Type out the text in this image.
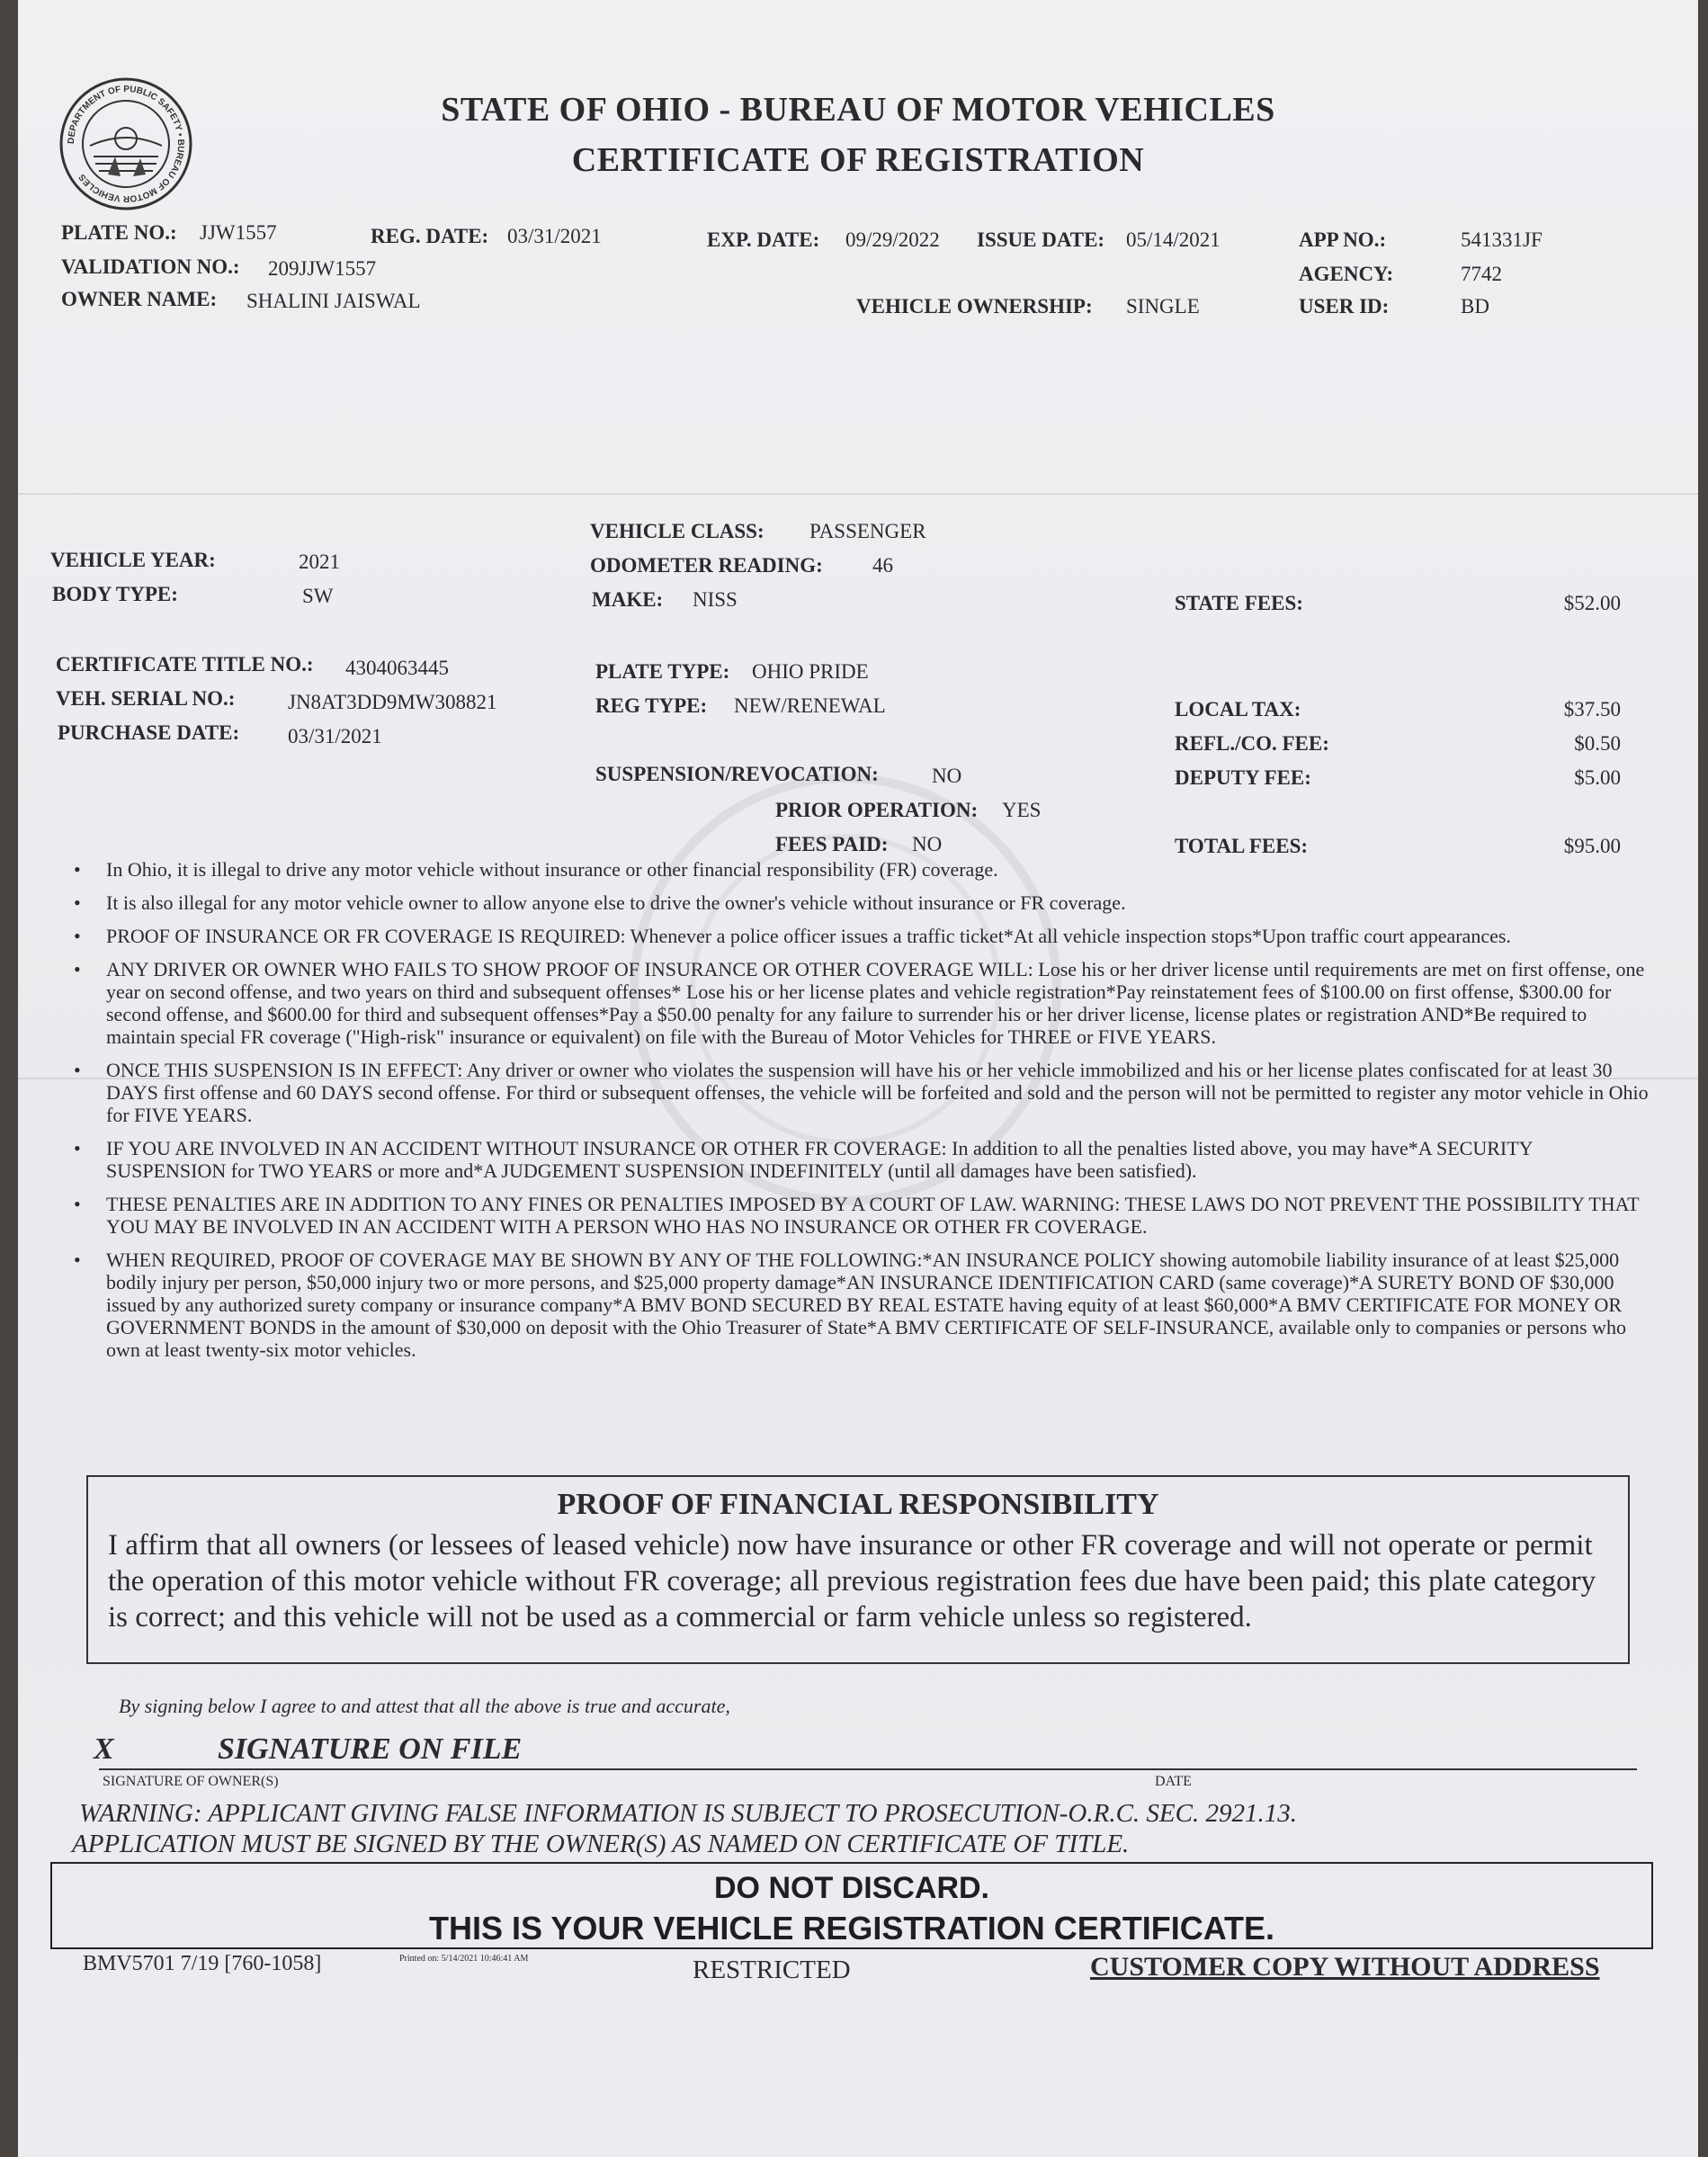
DEPARTMENT OF PUBLIC SAFETY • BUREAU OF MOTOR VEHICLES
STATE OF OHIO - BUREAU OF MOTOR VEHICLES
CERTIFICATE OF REGISTRATION
PLATE NO.: JJW1557	REG. DATE: 03/31/2021	EXP. DATE: 09/29/2022 ISSUE DATE: 05/14/2021	APP NO.:	541331JF
VALIDATION NO.: 209JJW1557	AGENCY:	7742
OWNER NAME: SHALINI JAISWAL	VEHICLE OWNERSHIP: SINGLE	USER ID:	BD
VEHICLE CLASS: PASSENGER
VEHICLE YEAR:	2021	ODOMETER READING: 46
BODY TYPE:	SW	MAKE: NISS	STATE FEES:	$52.00
CERTIFICATE TITLE NO.: 4304063445	PLATE TYPE: OHIO PRIDE
VEH. SERIAL NO.:	JN8AT3DD9MW308821	REG TYPE: NEW/RENEWAL	LOCAL TAX:	$37.50
PURCHASE DATE: 03/31/2021	REFL./CO. FEE:	$0.50
SUSPENSION/REVOCATION:	NO	DEPUTY FEE:	$5.00
PRIOR OPERATION: YES
FEES PAID: NO	TOTAL FEES:	$95.00
• In Ohio, it is illegal to drive any motor vehicle without insurance or other financial responsibility (FR) coverage.
• It is also illegal for any motor vehicle owner to allow anyone else to drive the owner's vehicle without insurance or FR coverage.
• PROOF OF INSURANCE OR FR COVERAGE IS REQUIRED: Whenever a police officer issues a traffic ticket*At all vehicle inspection stops*Upon traffic court appearances.
• ANY DRIVER OR OWNER WHO FAILS TO SHOW PROOF OF INSURANCE OR OTHER COVERAGE WILL: Lose his or her driver license until requirements are met on first offense, one year on second offense, and two years on third and subsequent offenses* Lose his or her license plates and vehicle registration*Pay reinstatement fees of $100.00 on first offense, $300.00 for second offense, and $600.00 for third and subsequent offenses*Pay a $50.00 penalty for any failure to surrender his or her driver license, license plates or registration AND*Be required to maintain special FR coverage ("High-risk" insurance or equivalent) on file with the Bureau of Motor Vehicles for THREE or FIVE YEARS.
• ONCE THIS SUSPENSION IS IN EFFECT: Any driver or owner who violates the suspension will have his or her vehicle immobilized and his or her license plates confiscated for at least 30 DAYS first offense and 60 DAYS second offense. For third or subsequent offenses, the vehicle will be forfeited and sold and the person will not be permitted to register any motor vehicle in Ohio for FIVE YEARS.
• IF YOU ARE INVOLVED IN AN ACCIDENT WITHOUT INSURANCE OR OTHER FR COVERAGE: In addition to all the penalties listed above, you may have*A SECURITY SUSPENSION for TWO YEARS or more and*A JUDGEMENT SUSPENSION INDEFINITELY (until all damages have been satisfied).
• THESE PENALTIES ARE IN ADDITION TO ANY FINES OR PENALTIES IMPOSED BY A COURT OF LAW. WARNING: THESE LAWS DO NOT PREVENT THE POSSIBILITY THAT YOU MAY BE INVOLVED IN AN ACCIDENT WITH A PERSON WHO HAS NO INSURANCE OR OTHER FR COVERAGE.
• WHEN REQUIRED, PROOF OF COVERAGE MAY BE SHOWN BY ANY OF THE FOLLOWING:*AN INSURANCE POLICY showing automobile liability insurance of at least $25,000 bodily injury per person, $50,000 injury two or more persons, and $25,000 property damage*AN INSURANCE IDENTIFICATION CARD (same coverage)*A SURETY BOND OF $30,000 issued by any authorized surety company or insurance company*A BMV BOND SECURED BY REAL ESTATE having equity of at least $60,000*A BMV CERTIFICATE FOR MONEY OR GOVERNMENT BONDS in the amount of $30,000 on deposit with the Ohio Treasurer of State*A BMV CERTIFICATE OF SELF-INSURANCE, available only to companies or persons who own at least twenty-six motor vehicles.
PROOF OF FINANCIAL RESPONSIBILITY
I affirm that all owners (or lessees of leased vehicle) now have insurance or other FR coverage and will not operate or permit the operation of this motor vehicle without FR coverage; all previous registration fees due have been paid; this plate category is correct; and this vehicle will not be used as a commercial or farm vehicle unless so registered.
By signing below I agree to and attest that all the above is true and accurate,
X	SIGNATURE ON FILE
SIGNATURE OF OWNER(S)	DATE
WARNING: APPLICANT GIVING FALSE INFORMATION IS SUBJECT TO PROSECUTION-O.R.C. SEC. 2921.13.
APPLICATION MUST BE SIGNED BY THE OWNER(S) AS NAMED ON CERTIFICATE OF TITLE.
DO NOT DISCARD.
THIS IS YOUR VEHICLE REGISTRATION CERTIFICATE.
BMV5701 7/19 [760-1058]	Printed on: 5/14/2021 10:46:41 AM	RESTRICTED	CUSTOMER COPY WITHOUT ADDRESS
